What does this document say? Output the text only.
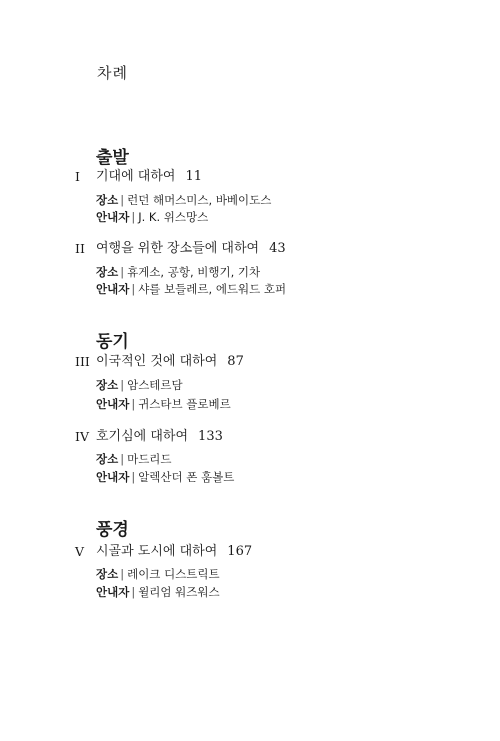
차례
출발
I 기대에 대하여 11
장소 | 런던 해머스미스, 바베이도스
안내자 | J. K. 위스망스
II 여행을 위한 장소들에 대하여 43
장소 | 휴게소, 공항, 비행기, 기차
안내자 | 샤를 보들레르, 에드워드 호퍼
동기
III 이국적인 것에 대하여 87
장소 | 암스테르담
안내자 | 귀스타브 플로베르
IV 호기심에 대하여 133
장소 | 마드리드
안내자 | 알렉산더 폰 훔볼트
풍경
V 시골과 도시에 대하여 167
장소 | 레이크 디스트릭트
안내자 | 윌리엄 워즈워스
